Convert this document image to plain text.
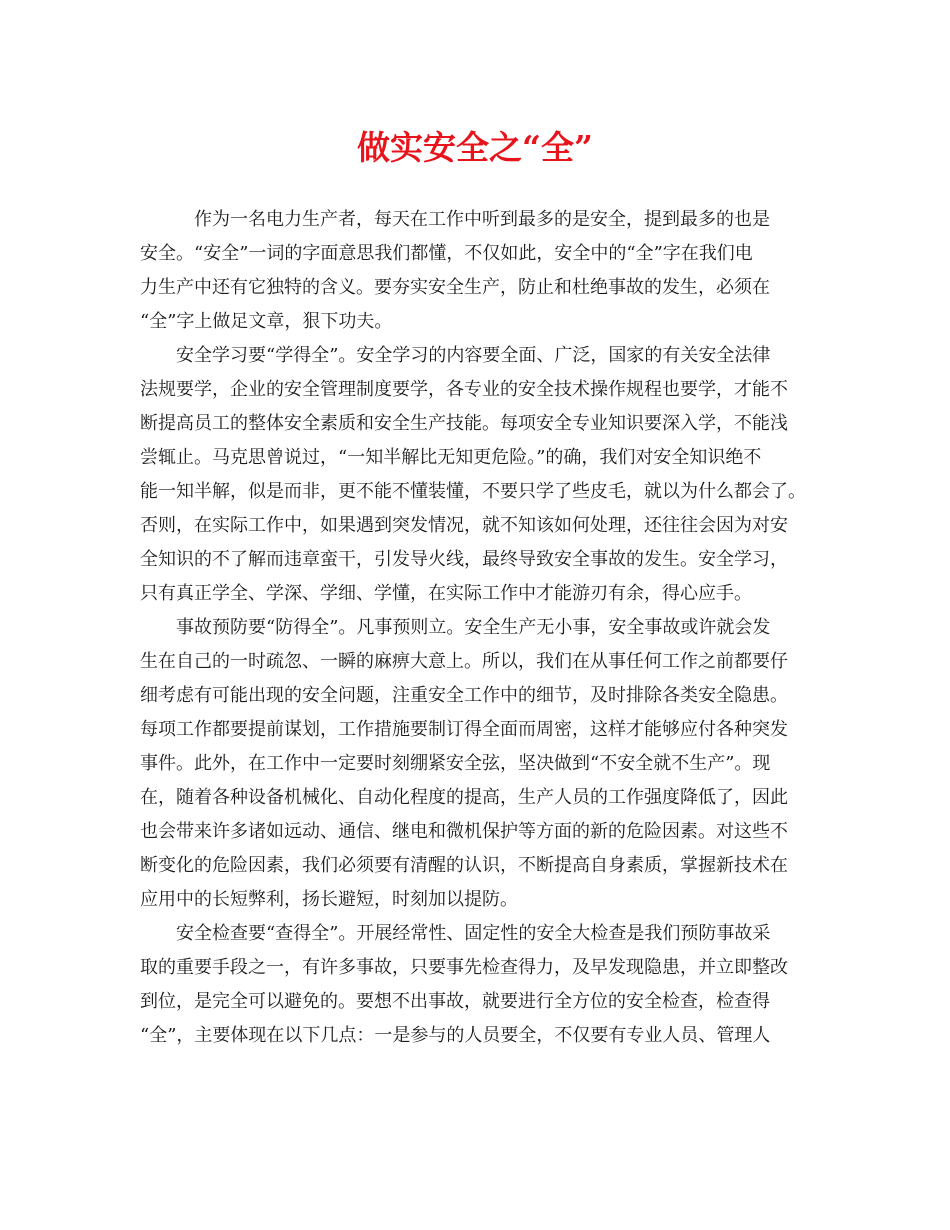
做实安全之“全”

　　　作为一名电力生产者，每天在工作中听到最多的是安全，提到最多的也是

安全。“安全”一词的字面意思我们都懂，不仅如此，安全中的“全”字在我们电

力生产中还有它独特的含义。要夯实安全生产，防止和杜绝事故的发生，必须在

“全”字上做足文章，狠下功夫。

　　安全学习要“学得全”。安全学习的内容要全面、广泛，国家的有关安全法律

法规要学，企业的安全管理制度要学，各专业的安全技术操作规程也要学，才能不

断提高员工的整体安全素质和安全生产技能。每项安全专业知识要深入学，不能浅

尝辄止。马克思曾说过，“一知半解比无知更危险。”的确，我们对安全知识绝不

能一知半解，似是而非，更不能不懂装懂，不要只学了些皮毛，就以为什么都会了。

否则，在实际工作中，如果遇到突发情况，就不知该如何处理，还往往会因为对安

全知识的不了解而违章蛮干，引发导火线，最终导致安全事故的发生。安全学习，

只有真正学全、学深、学细、学懂，在实际工作中才能游刃有余，得心应手。

　　事故预防要“防得全”。凡事预则立。安全生产无小事，安全事故或许就会发

生在自己的一时疏忽、一瞬的麻痹大意上。所以，我们在从事任何工作之前都要仔

细考虑有可能出现的安全问题，注重安全工作中的细节，及时排除各类安全隐患。

每项工作都要提前谋划，工作措施要制订得全面而周密，这样才能够应付各种突发

事件。此外，在工作中一定要时刻绷紧安全弦，坚决做到“不安全就不生产”。现

在，随着各种设备机械化、自动化程度的提高，生产人员的工作强度降低了，因此

也会带来许多诸如远动、通信、继电和微机保护等方面的新的危险因素。对这些不

断变化的危险因素，我们必须要有清醒的认识，不断提高自身素质，掌握新技术在

应用中的长短弊利，扬长避短，时刻加以提防。

　　安全检查要“查得全”。开展经常性、固定性的安全大检查是我们预防事故采

取的重要手段之一，有许多事故，只要事先检查得力，及早发现隐患，并立即整改

到位，是完全可以避免的。要想不出事故，就要进行全方位的安全检查，检查得

“全”，主要体现在以下几点：一是参与的人员要全，不仅要有专业人员、管理人
